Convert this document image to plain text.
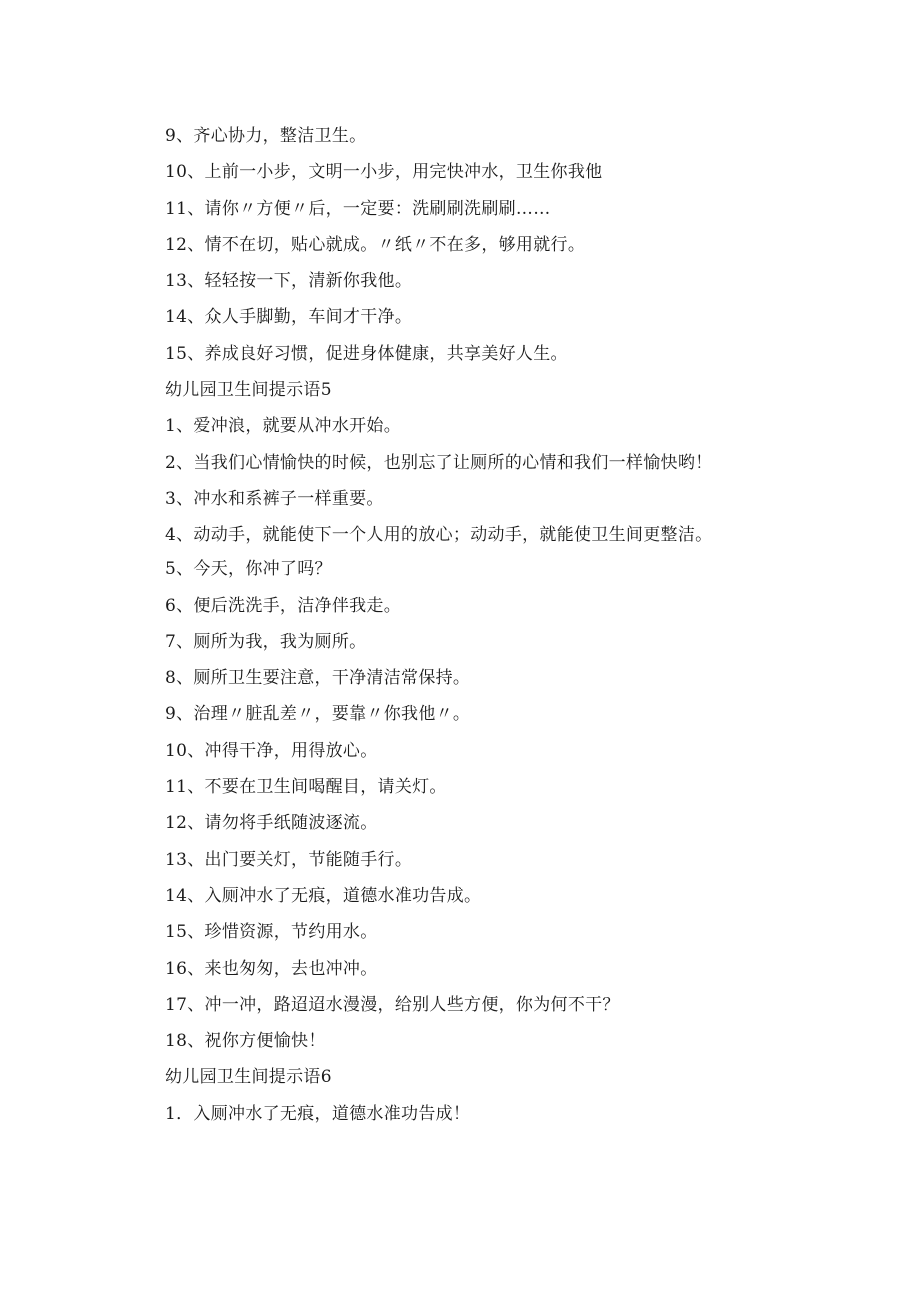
9、齐心协力，整洁卫生。
10、上前一小步，文明一小步，用完快冲水，卫生你我他
11、请你〃方便〃后，一定要：洗刷刷洗刷刷……
12、情不在切，贴心就成。〃纸〃不在多，够用就行。
13、轻轻按一下，清新你我他。
14、众人手脚勤，车间才干净。
15、养成良好习惯，促进身体健康，共享美好人生。
幼儿园卫生间提示语5
1、爱冲浪，就要从冲水开始。
2、当我们心情愉快的时候，也别忘了让厕所的心情和我们一样愉快哟！
3、冲水和系裤子一样重要。
4、动动手，就能使下一个人用的放心；动动手，就能使卫生间更整洁。
5、今天，你冲了吗？
6、便后洗洗手，洁净伴我走。
7、厕所为我，我为厕所。
8、厕所卫生要注意，干净清洁常保持。
9、治理〃脏乱差〃，要靠〃你我他〃。
10、冲得干净，用得放心。
11、不要在卫生间喝醒目，请关灯。
12、请勿将手纸随波逐流。
13、出门要关灯，节能随手行。
14、入厕冲水了无痕，道德水准功告成。
15、珍惜资源，节约用水。
16、来也匆匆，去也冲冲。
17、冲一冲，路迢迢水漫漫，给别人些方便，你为何不干？
18、祝你方便愉快！
幼儿园卫生间提示语6
1．入厕冲水了无痕，道德水准功告成！
